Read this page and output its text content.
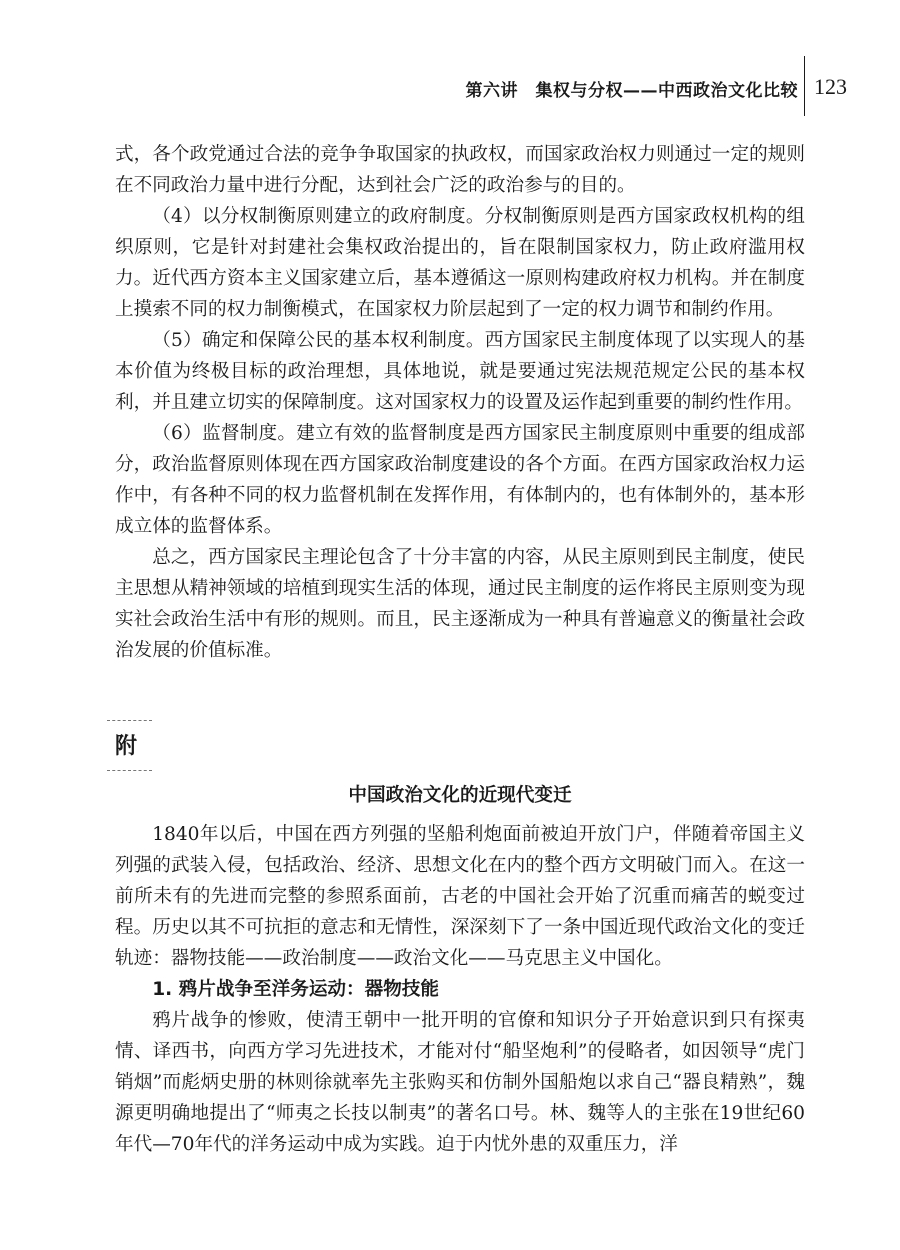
第六讲　集权与分权——中西政治文化比较 123

式，各个政党通过合法的竞争争取国家的执政权，而国家政治权力则通过一定的规则在不同政治力量中进行分配，达到社会广泛的政治参与的目的。

（4）以分权制衡原则建立的政府制度。分权制衡原则是西方国家政权机构的组织原则，它是针对封建社会集权政治提出的，旨在限制国家权力，防止政府滥用权力。近代西方资本主义国家建立后，基本遵循这一原则构建政府权力机构。并在制度上摸索不同的权力制衡模式，在国家权力阶层起到了一定的权力调节和制约作用。

（5）确定和保障公民的基本权利制度。西方国家民主制度体现了以实现人的基本价值为终极目标的政治理想，具体地说，就是要通过宪法规范规定公民的基本权利，并且建立切实的保障制度。这对国家权力的设置及运作起到重要的制约性作用。

（6）监督制度。建立有效的监督制度是西方国家民主制度原则中重要的组成部分，政治监督原则体现在西方国家政治制度建设的各个方面。在西方国家政治权力运作中，有各种不同的权力监督机制在发挥作用，有体制内的，也有体制外的，基本形成立体的监督体系。

总之，西方国家民主理论包含了十分丰富的内容，从民主原则到民主制度，使民主思想从精神领域的培植到现实生活的体现，通过民主制度的运作将民主原则变为现实社会政治生活中有形的规则。而且，民主逐渐成为一种具有普遍意义的衡量社会政治发展的价值标准。

附
中国政治文化的近现代变迁

1840年以后，中国在西方列强的坚船利炮面前被迫开放门户，伴随着帝国主义列强的武装入侵，包括政治、经济、思想文化在内的整个西方文明破门而入。在这一前所未有的先进而完整的参照系面前，古老的中国社会开始了沉重而痛苦的蜕变过程。历史以其不可抗拒的意志和无情性，深深刻下了一条中国近现代政治文化的变迁轨迹：器物技能——政治制度——政治文化——马克思主义中国化。

1. 鸦片战争至洋务运动：器物技能

鸦片战争的惨败，使清王朝中一批开明的官僚和知识分子开始意识到只有探夷情、译西书，向西方学习先进技术，才能对付“船坚炮利”的侵略者，如因领导“虎门销烟”而彪炳史册的林则徐就率先主张购买和仿制外国船炮以求自己“器良精熟”，魏源更明确地提出了“师夷之长技以制夷”的著名口号。林、魏等人的主张在19世纪60年代—70年代的洋务运动中成为实践。迫于内忧外患的双重压力，洋
